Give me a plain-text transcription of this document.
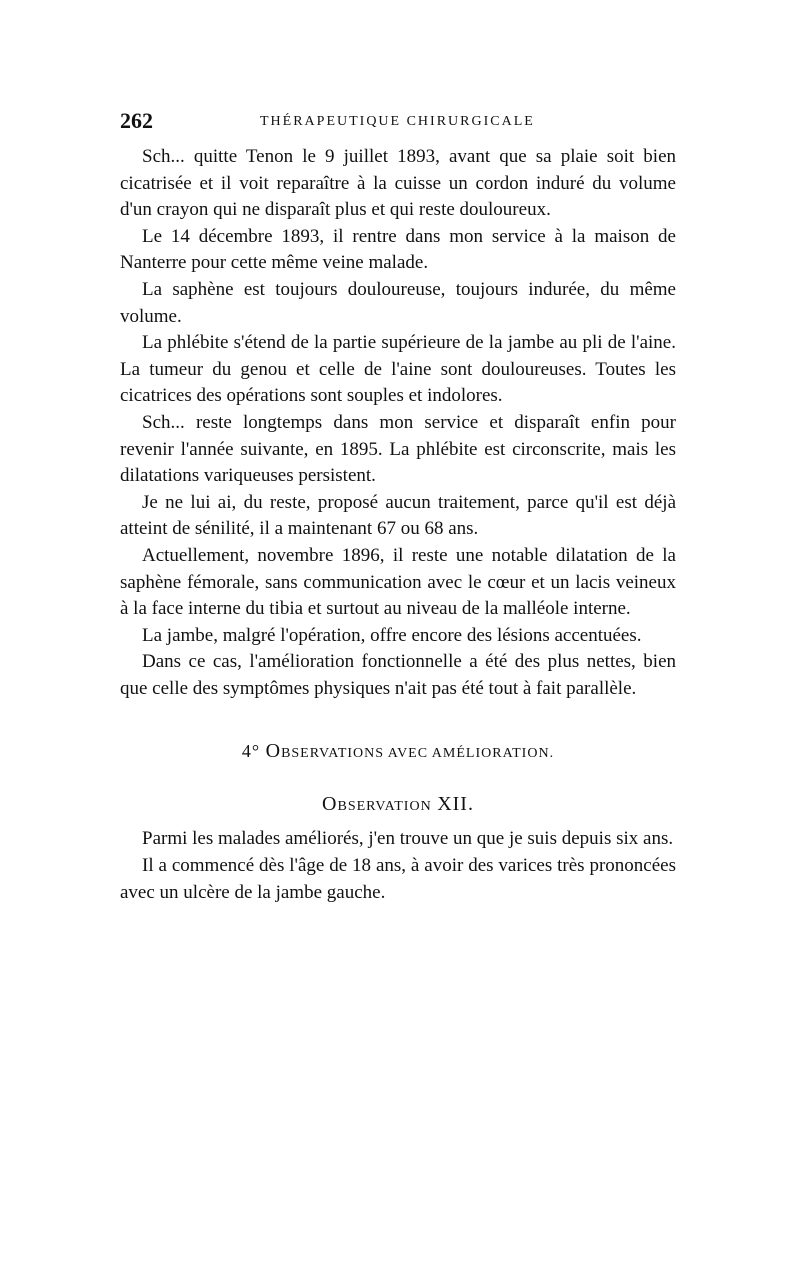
262	THÉRAPEUTIQUE CHIRURGICALE

Sch... quitte Tenon le 9 juillet 1893, avant que sa plaie soit bien cicatrisée et il voit reparaître à la cuisse un cordon induré du volume d'un crayon qui ne disparaît plus et qui reste douloureux.

Le 14 décembre 1893, il rentre dans mon service à la maison de Nanterre pour cette même veine malade.

La saphène est toujours douloureuse, toujours indurée, du même volume.

La phlébite s'étend de la partie supérieure de la jambe au pli de l'aine. La tumeur du genou et celle de l'aine sont douloureuses. Toutes les cicatrices des opérations sont souples et indolores.

Sch... reste longtemps dans mon service et disparaît enfin pour revenir l'année suivante, en 1895. La phlébite est circonscrite, mais les dilatations variqueuses persistent.

Je ne lui ai, du reste, proposé aucun traitement, parce qu'il est déjà atteint de sénilité, il a maintenant 67 ou 68 ans.

Actuellement, novembre 1896, il reste une notable dilatation de la saphène fémorale, sans communication avec le cœur et un lacis veineux à la face interne du tibia et surtout au niveau de la malléole interne.

La jambe, malgré l'opération, offre encore des lésions accentuées.

Dans ce cas, l'amélioration fonctionnelle a été des plus nettes, bien que celle des symptômes physiques n'ait pas été tout à fait parallèle.

4° OBSERVATIONS AVEC AMÉLIORATION.
OBSERVATION XII.

Parmi les malades améliorés, j'en trouve un que je suis depuis six ans.

Il a commencé dès l'âge de 18 ans, à avoir des varices très prononcées avec un ulcère de la jambe gauche.
